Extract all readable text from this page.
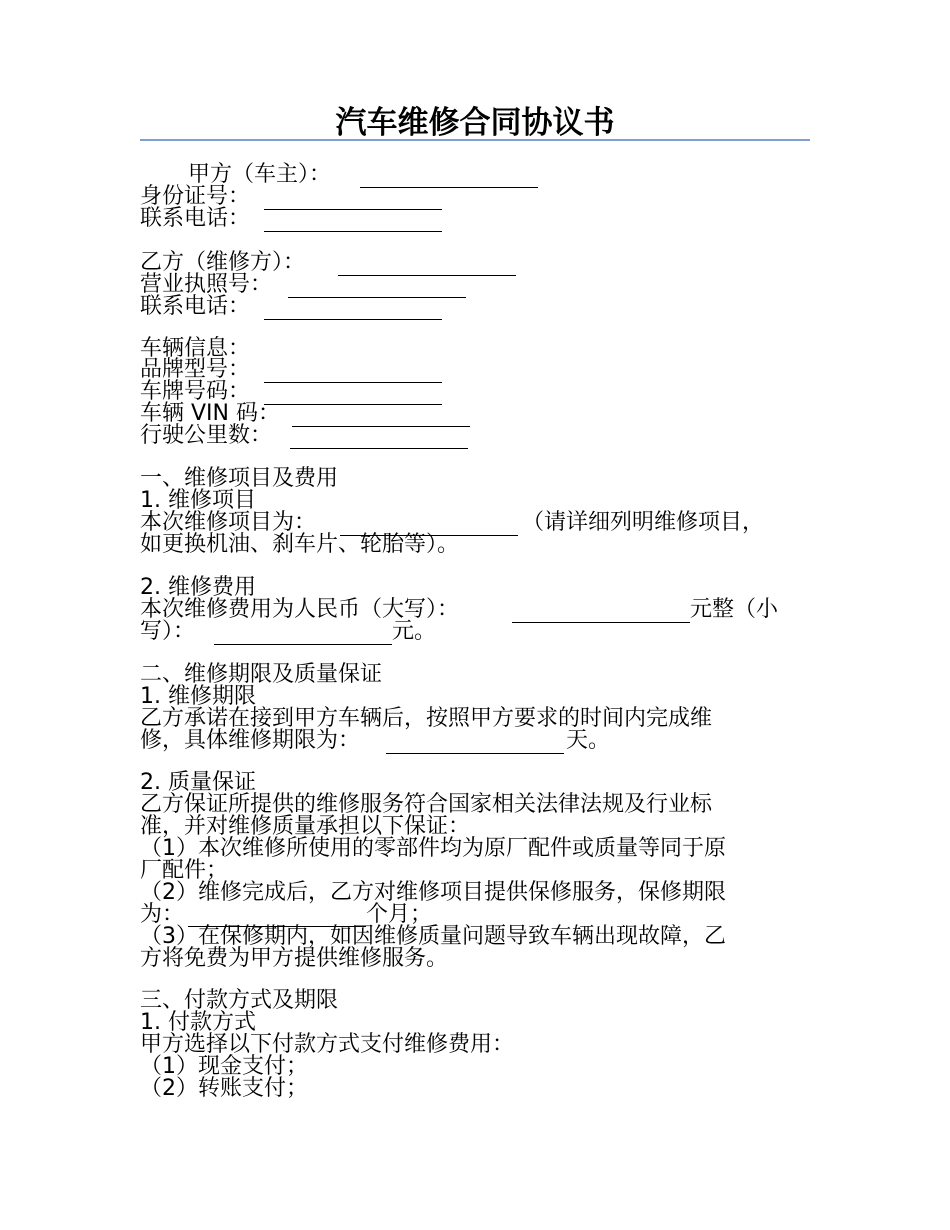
汽车维修合同协议书
甲方（车主）：
身份证号：
联系电话：
乙方（维修方）：
营业执照号：
联系电话：
车辆信息：
品牌型号：
车牌号码：
车辆 VIN 码：
行驶公里数：
一、维修项目及费用
1. 维修项目
本次维修项目为：	（请详细列明维修项目，
如更换机油、刹车片、轮胎等）。
2. 维修费用
本次维修费用为人民币（大写）：	元整（小
写）：	元。
二、维修期限及质量保证
1. 维修期限
乙方承诺在接到甲方车辆后，按照甲方要求的时间内完成维
修，具体维修期限为：	天。
2. 质量保证
乙方保证所提供的维修服务符合国家相关法律法规及行业标
准，并对维修质量承担以下保证：
（1）本次维修所使用的零部件均为原厂配件或质量等同于原
厂配件；
（2）维修完成后，乙方对维修项目提供保修服务，保修期限
为：	个月；
（3）在保修期内，如因维修质量问题导致车辆出现故障，乙
方将免费为甲方提供维修服务。
三、付款方式及期限
1. 付款方式
甲方选择以下付款方式支付维修费用：
（1）现金支付；
（2）转账支付；
